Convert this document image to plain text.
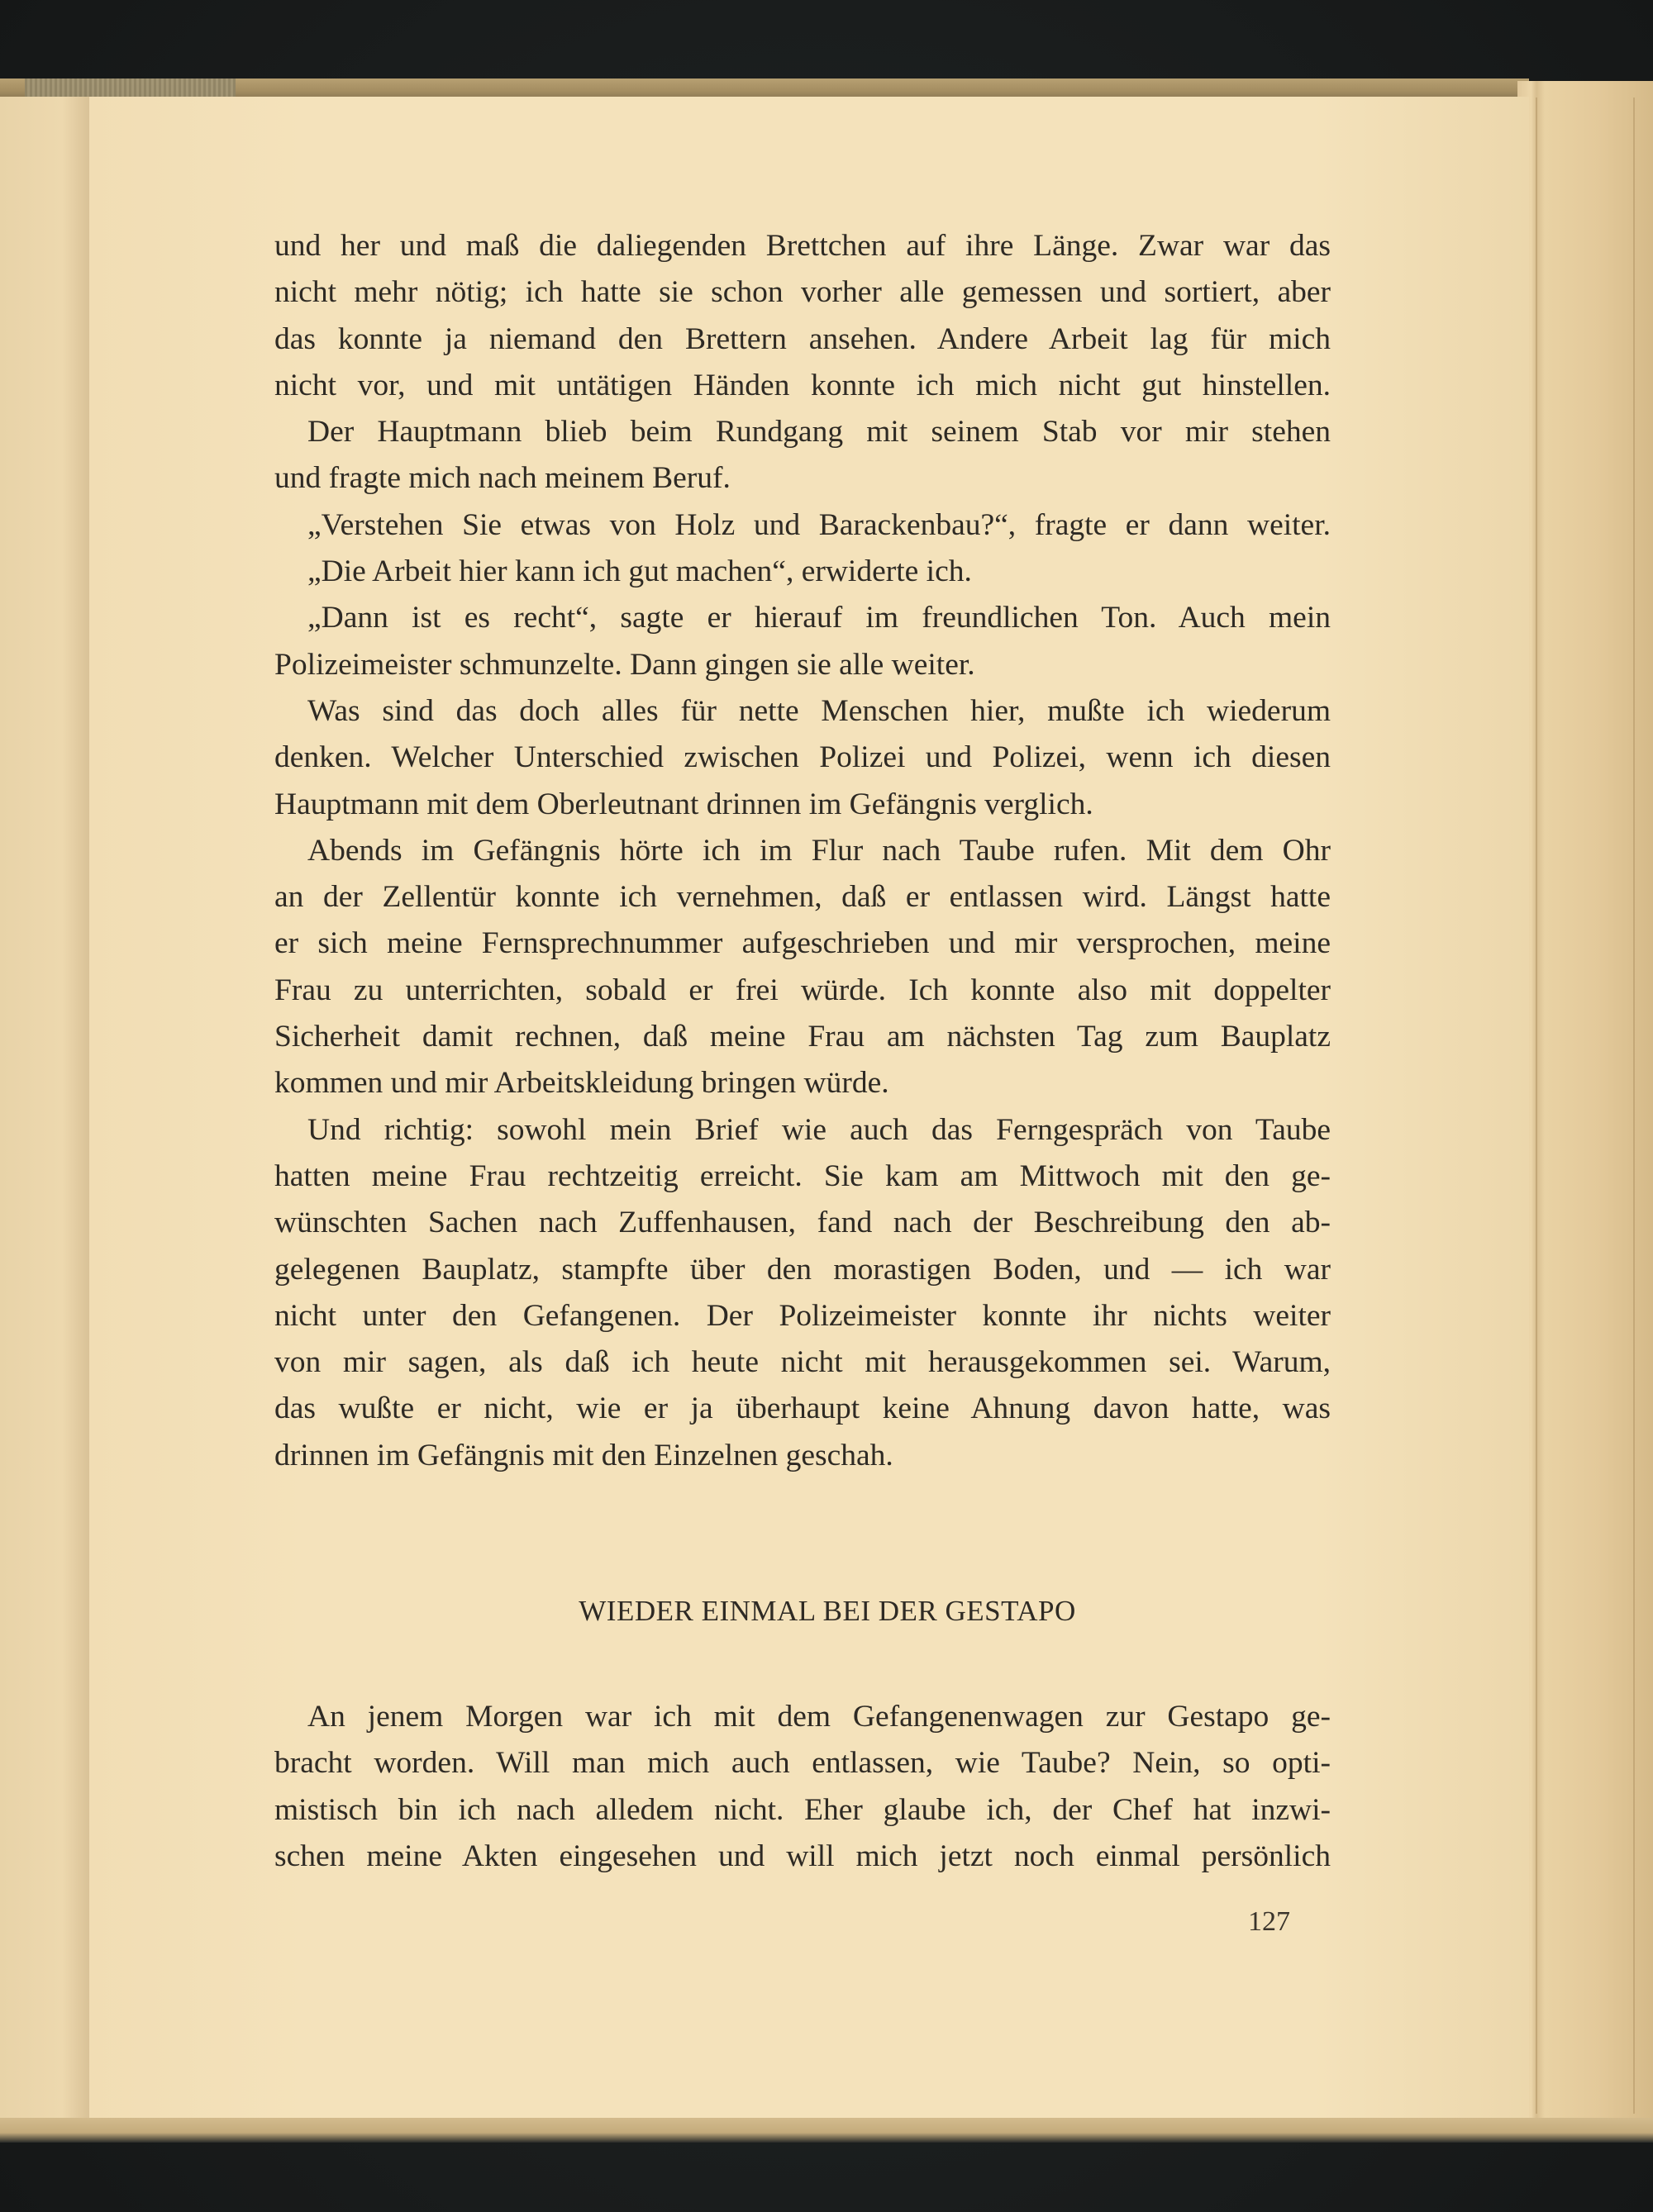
und her und maß die daliegenden Brettchen auf ihre Länge. Zwar war das
nicht mehr nötig; ich hatte sie schon vorher alle gemessen und sortiert, aber
das konnte ja niemand den Brettern ansehen. Andere Arbeit lag für mich
nicht vor, und mit untätigen Händen konnte ich mich nicht gut hinstellen.
Der Hauptmann blieb beim Rundgang mit seinem Stab vor mir stehen
und fragte mich nach meinem Beruf.
„Verstehen Sie etwas von Holz und Barackenbau?“, fragte er dann weiter.
„Die Arbeit hier kann ich gut machen“, erwiderte ich.
„Dann ist es recht“, sagte er hierauf im freundlichen Ton. Auch mein
Polizeimeister schmunzelte. Dann gingen sie alle weiter.
Was sind das doch alles für nette Menschen hier, mußte ich wiederum
denken. Welcher Unterschied zwischen Polizei und Polizei, wenn ich diesen
Hauptmann mit dem Oberleutnant drinnen im Gefängnis verglich.
Abends im Gefängnis hörte ich im Flur nach Taube rufen. Mit dem Ohr
an der Zellentür konnte ich vernehmen, daß er entlassen wird. Längst hatte
er sich meine Fernsprechnummer aufgeschrieben und mir versprochen, meine
Frau zu unterrichten, sobald er frei würde. Ich konnte also mit doppelter
Sicherheit damit rechnen, daß meine Frau am nächsten Tag zum Bauplatz
kommen und mir Arbeitskleidung bringen würde.
Und richtig: sowohl mein Brief wie auch das Ferngespräch von Taube
hatten meine Frau rechtzeitig erreicht. Sie kam am Mittwoch mit den ge-
wünschten Sachen nach Zuffenhausen, fand nach der Beschreibung den ab-
gelegenen Bauplatz, stampfte über den morastigen Boden, und — ich war
nicht unter den Gefangenen. Der Polizeimeister konnte ihr nichts weiter
von mir sagen, als daß ich heute nicht mit herausgekommen sei. Warum,
das wußte er nicht, wie er ja überhaupt keine Ahnung davon hatte, was
drinnen im Gefängnis mit den Einzelnen geschah.
WIEDER EINMAL BEI DER GESTAPO
An jenem Morgen war ich mit dem Gefangenenwagen zur Gestapo ge-
bracht worden. Will man mich auch entlassen, wie Taube? Nein, so opti-
mistisch bin ich nach alledem nicht. Eher glaube ich, der Chef hat inzwi-
schen meine Akten eingesehen und will mich jetzt noch einmal persönlich
127
